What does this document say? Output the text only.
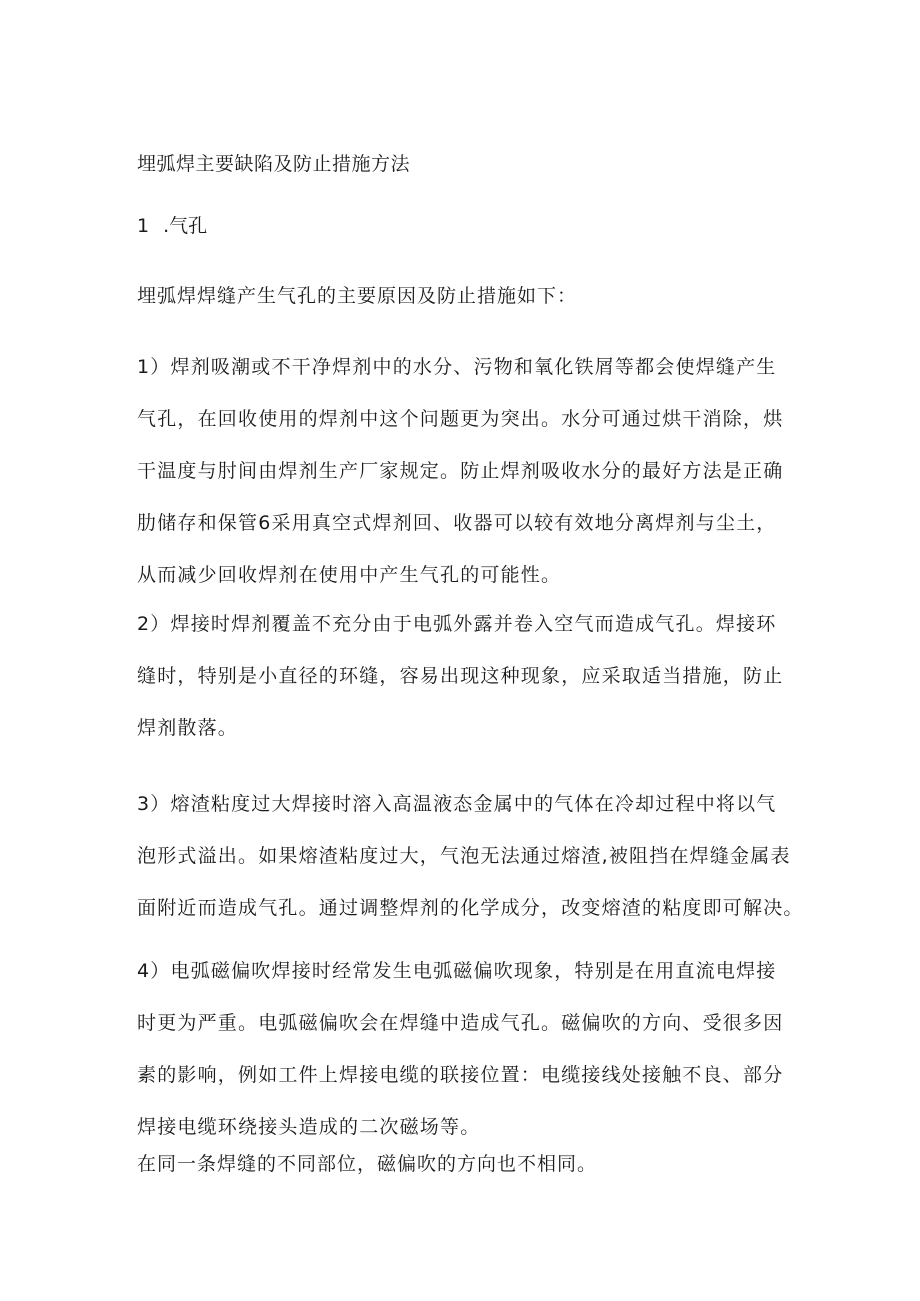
埋弧焊主要缺陷及防止措施方法
1 .气孔
埋弧焊焊缝产生气孔的主要原因及防止措施如下：
1）焊剂吸潮或不干净焊剂中的水分、污物和氧化铁屑等都会使焊缝产生
气孔，在回收使用的焊剂中这个问题更为突出。水分可通过烘干消除，烘
干温度与肘间由焊剂生产厂家规定。防止焊剂吸收水分的最好方法是正确
肋储存和保管6采用真空式焊剂回、收器可以较有效地分离焊剂与尘土，
从而减少回收焊剂在使用中产生气孔的可能性。
2）焊接时焊剂覆盖不充分由于电弧外露并卷入空气而造成气孔。焊接环
缝时，特别是小直径的环缝，容易出现这种现象，应采取适当措施，防止
焊剂散落。
3）熔渣粘度过大焊接时溶入高温液态金属中的气体在冷却过程中将以气
泡形式溢出。如果熔渣粘度过大，气泡无法通过熔渣,被阻挡在焊缝金属表
面附近而造成气孔。通过调整焊剂的化学成分，改变熔渣的粘度即可解决。
4）电弧磁偏吹焊接时经常发生电弧磁偏吹现象，特别是在用直流电焊接
时更为严重。电弧磁偏吹会在焊缝中造成气孔。磁偏吹的方向、受很多因
素的影响，例如工件上焊接电缆的联接位置：电缆接线处接触不良、部分
焊接电缆环绕接头造成的二次磁场等。
在同一条焊缝的不同部位，磁偏吹的方向也不相同。
